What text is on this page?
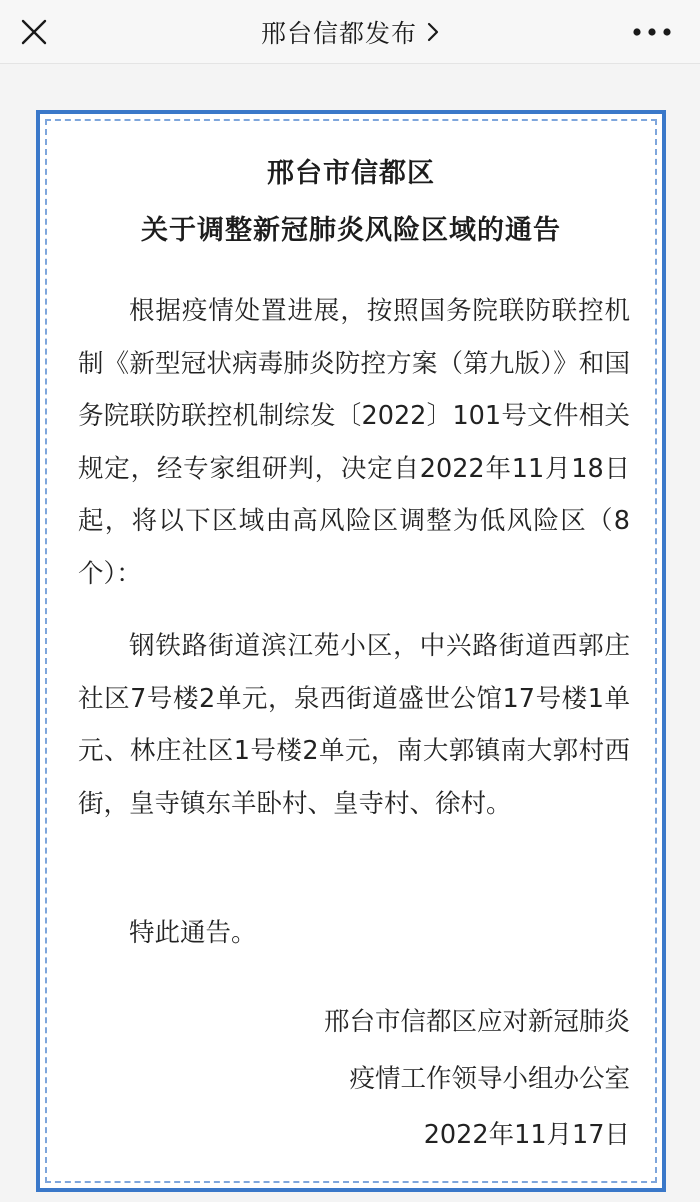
邢台信都发布
邢台市信都区
关于调整新冠肺炎风险区域的通告

根据疫情处置进展，按照国务院联防联控机制《新型冠状病毒肺炎防控方案（第九版）》和国务院联防联控机制综发〔2022〕101号文件相关规定，经专家组研判，决定自2022年11月18日起，将以下区域由高风险区调整为低风险区（8个）：

钢铁路街道滨江苑小区，中兴路街道西郭庄社区7号楼2单元，泉西街道盛世公馆17号楼1单元、林庄社区1号楼2单元，南大郭镇南大郭村西街，皇寺镇东羊卧村、皇寺村、徐村。

特此通告。

邢台市信都区应对新冠肺炎
疫情工作领导小组办公室
2022年11月17日
